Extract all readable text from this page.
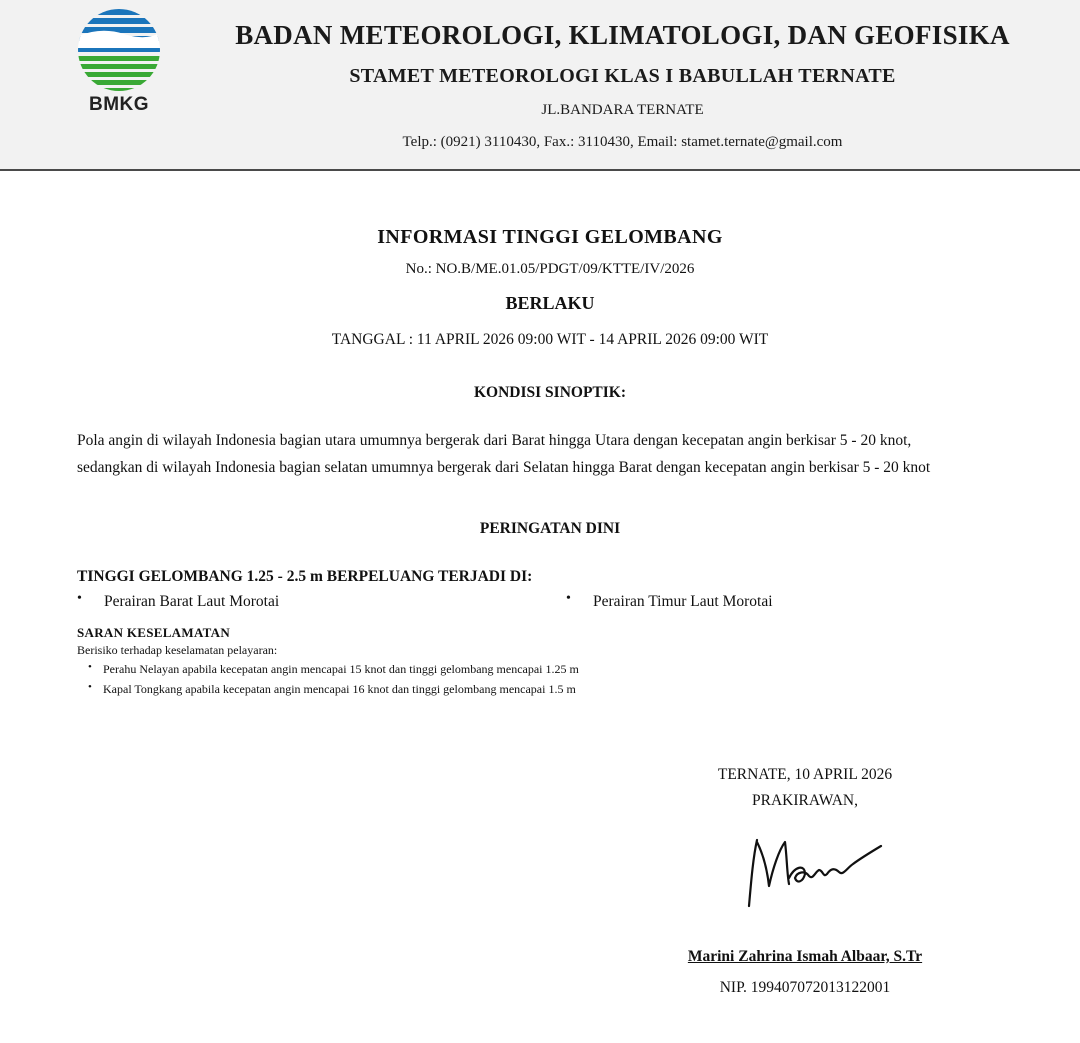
BMKG
BADAN METEOROLOGI, KLIMATOLOGI, DAN GEOFISIKA
STAMET METEOROLOGI KLAS I BABULLAH TERNATE
JL.BANDARA TERNATE
Telp.: (0921) 3110430, Fax.: 3110430, Email: stamet.ternate@gmail.com
INFORMASI TINGGI GELOMBANG
No.: NO.B/ME.01.05/PDGT/09/KTTE/IV/2026
BERLAKU
TANGGAL : 11 APRIL 2026 09:00 WIT - 14 APRIL 2026 09:00 WIT
KONDISI SINOPTIK:
Pola angin di wilayah Indonesia bagian utara umumnya bergerak dari Barat hingga Utara dengan kecepatan angin berkisar 5 - 20 knot,
sedangkan di wilayah Indonesia bagian selatan umumnya bergerak dari Selatan hingga Barat dengan kecepatan angin berkisar 5 - 20 knot
PERINGATAN DINI
TINGGI GELOMBANG 1.25 - 2.5 m BERPELUANG TERJADI DI:
• Perairan Barat Laut Morotai	• Perairan Timur Laut Morotai
SARAN KESELAMATAN
Berisiko terhadap keselamatan pelayaran:
• Perahu Nelayan apabila kecepatan angin mencapai 15 knot dan tinggi gelombang mencapai 1.25 m
• Kapal Tongkang apabila kecepatan angin mencapai 16 knot dan tinggi gelombang mencapai 1.5 m
TERNATE, 10 APRIL 2026
PRAKIRAWAN,
Marini Zahrina Ismah Albaar, S.Tr
NIP. 199407072013122001
